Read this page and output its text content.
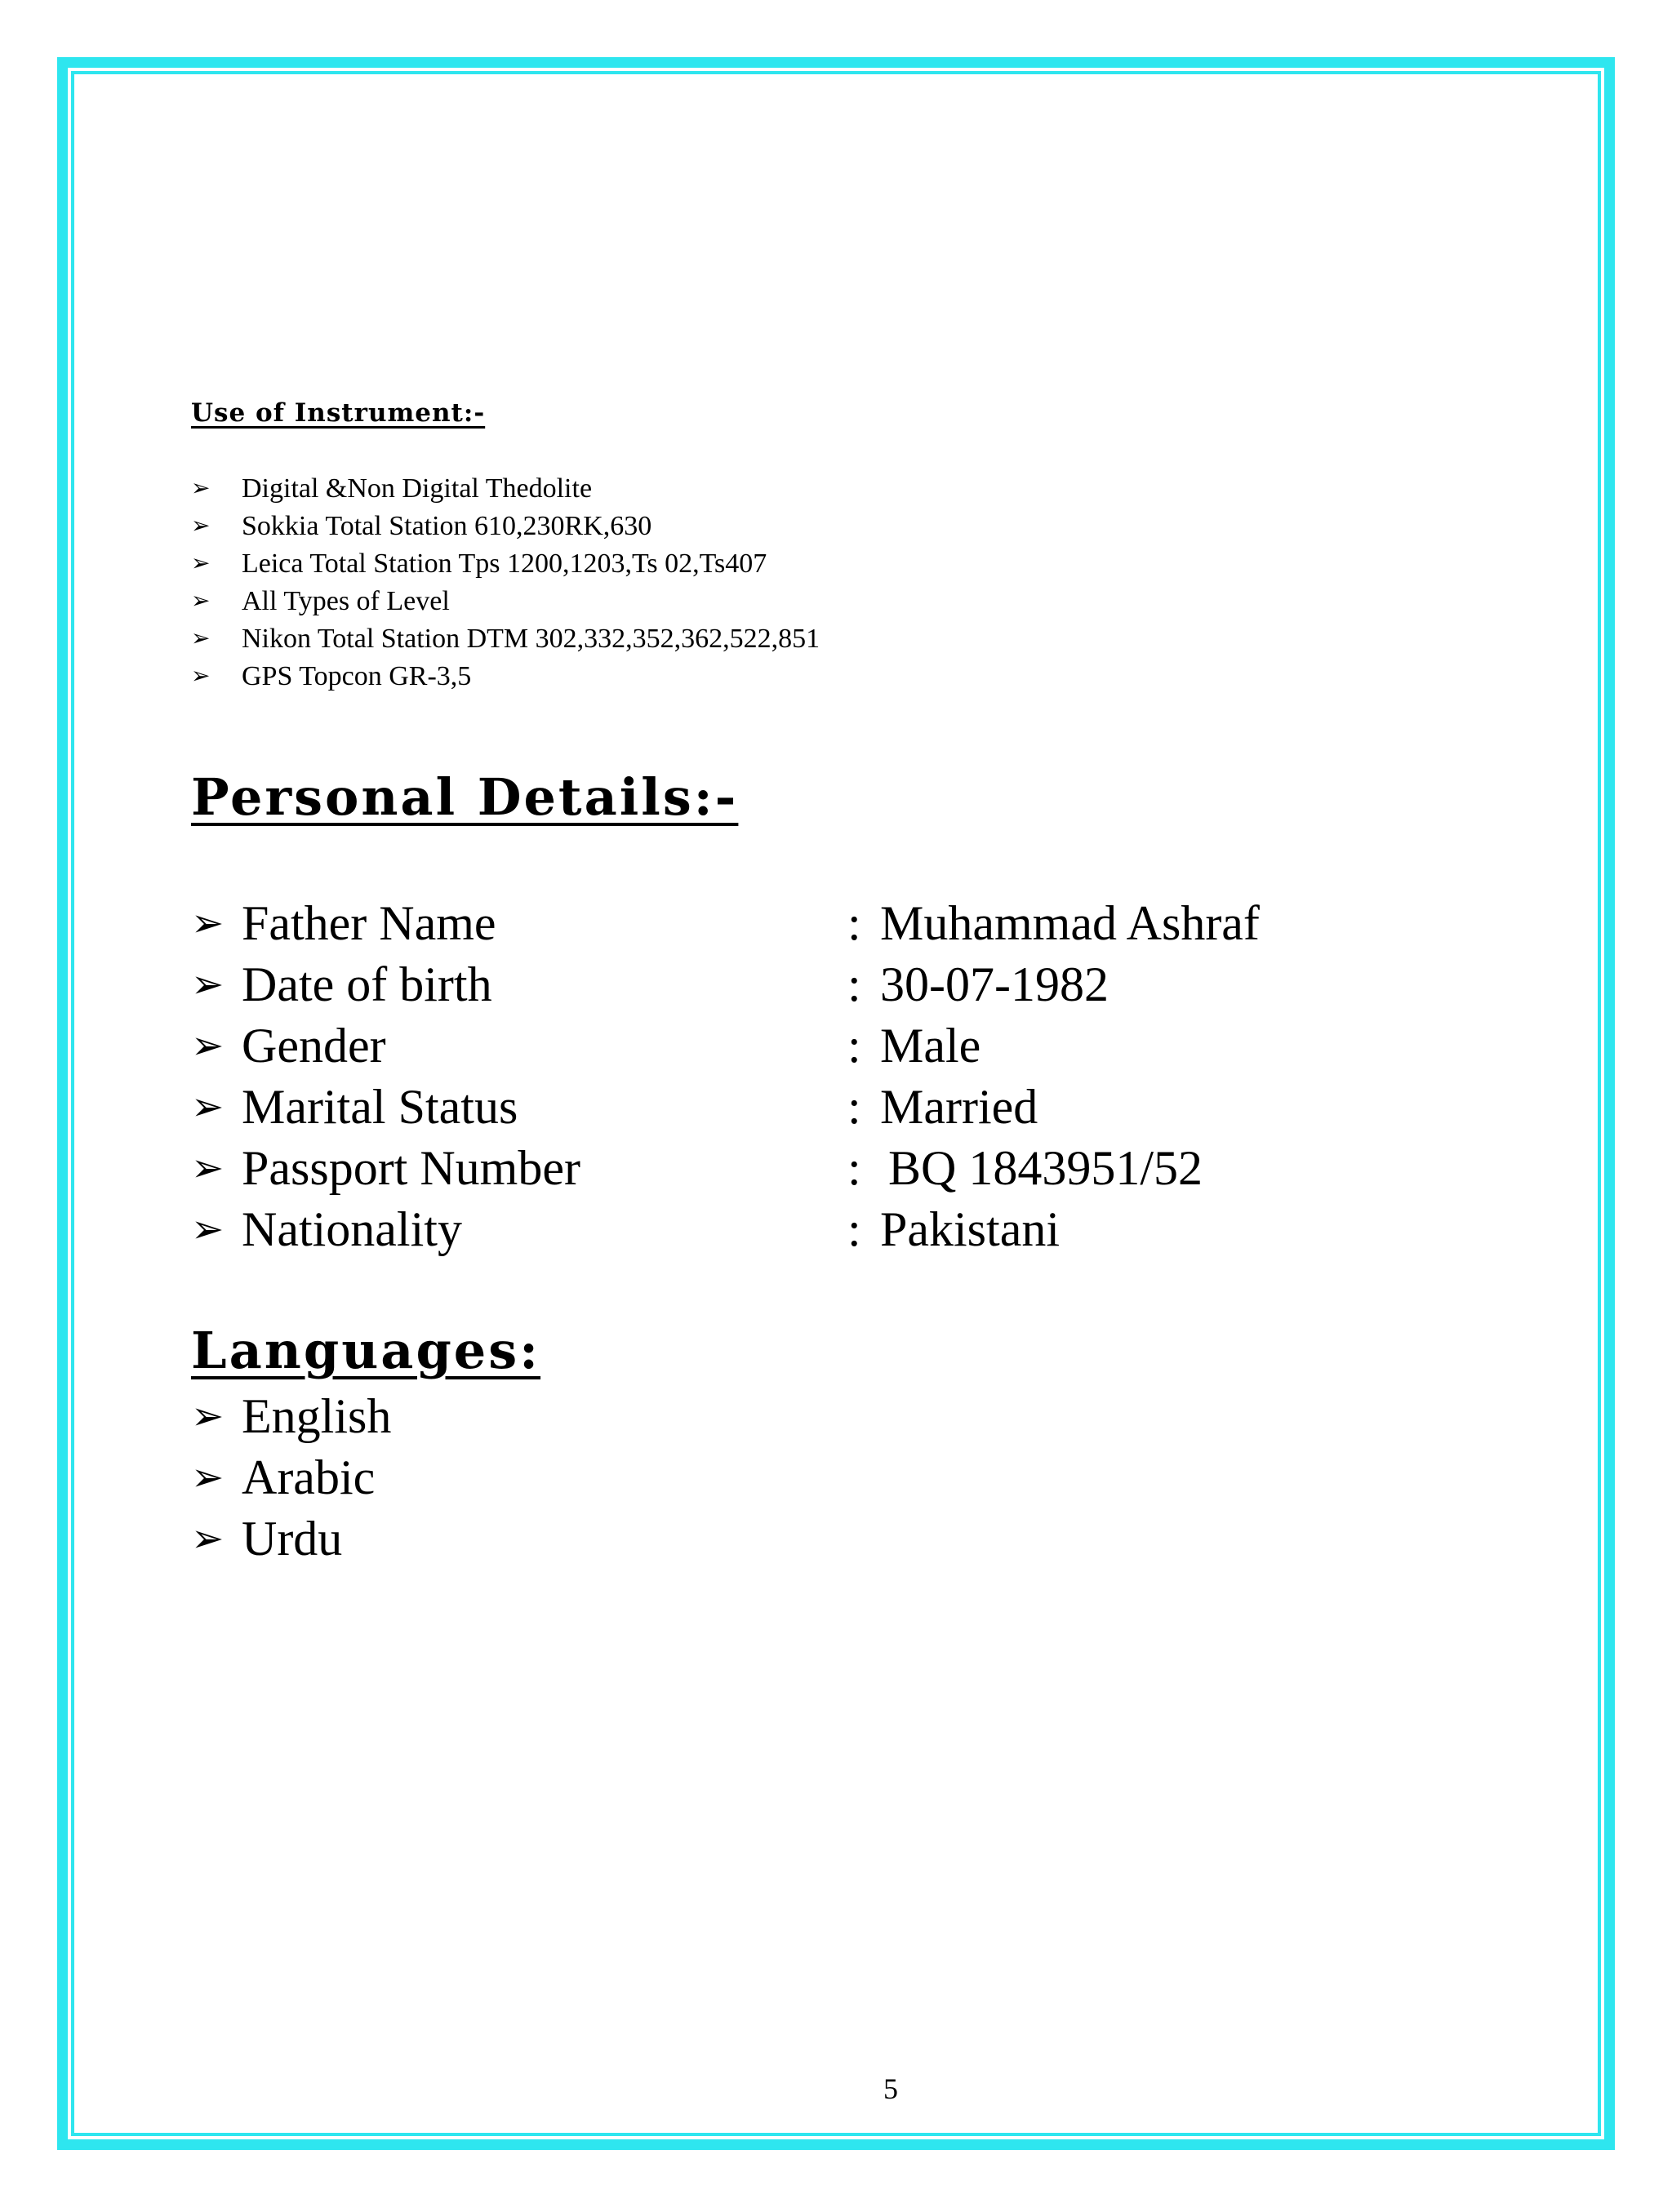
Use of Instrument:-
➢	Digital &Non Digital Thedolite
➢	Sokkia Total Station 610,230RK,630
➢	Leica Total Station Tps 1200,1203,Ts 02,Ts407
➢	All Types of Level
➢	Nikon Total Station DTM 302,332,352,362,522,851
➢	GPS Topcon GR-3,5
Personal Details:-
➢ Father Name	: Muhammad Ashraf
➢ Date of birth	: 30-07-1982
➢ Gender	: Male
➢ Marital Status	: Married
➢ Passport Number	: BQ 1843951/52
➢ Nationality	: Pakistani
Languages:
➢ English
➢ Arabic
➢ Urdu
5
